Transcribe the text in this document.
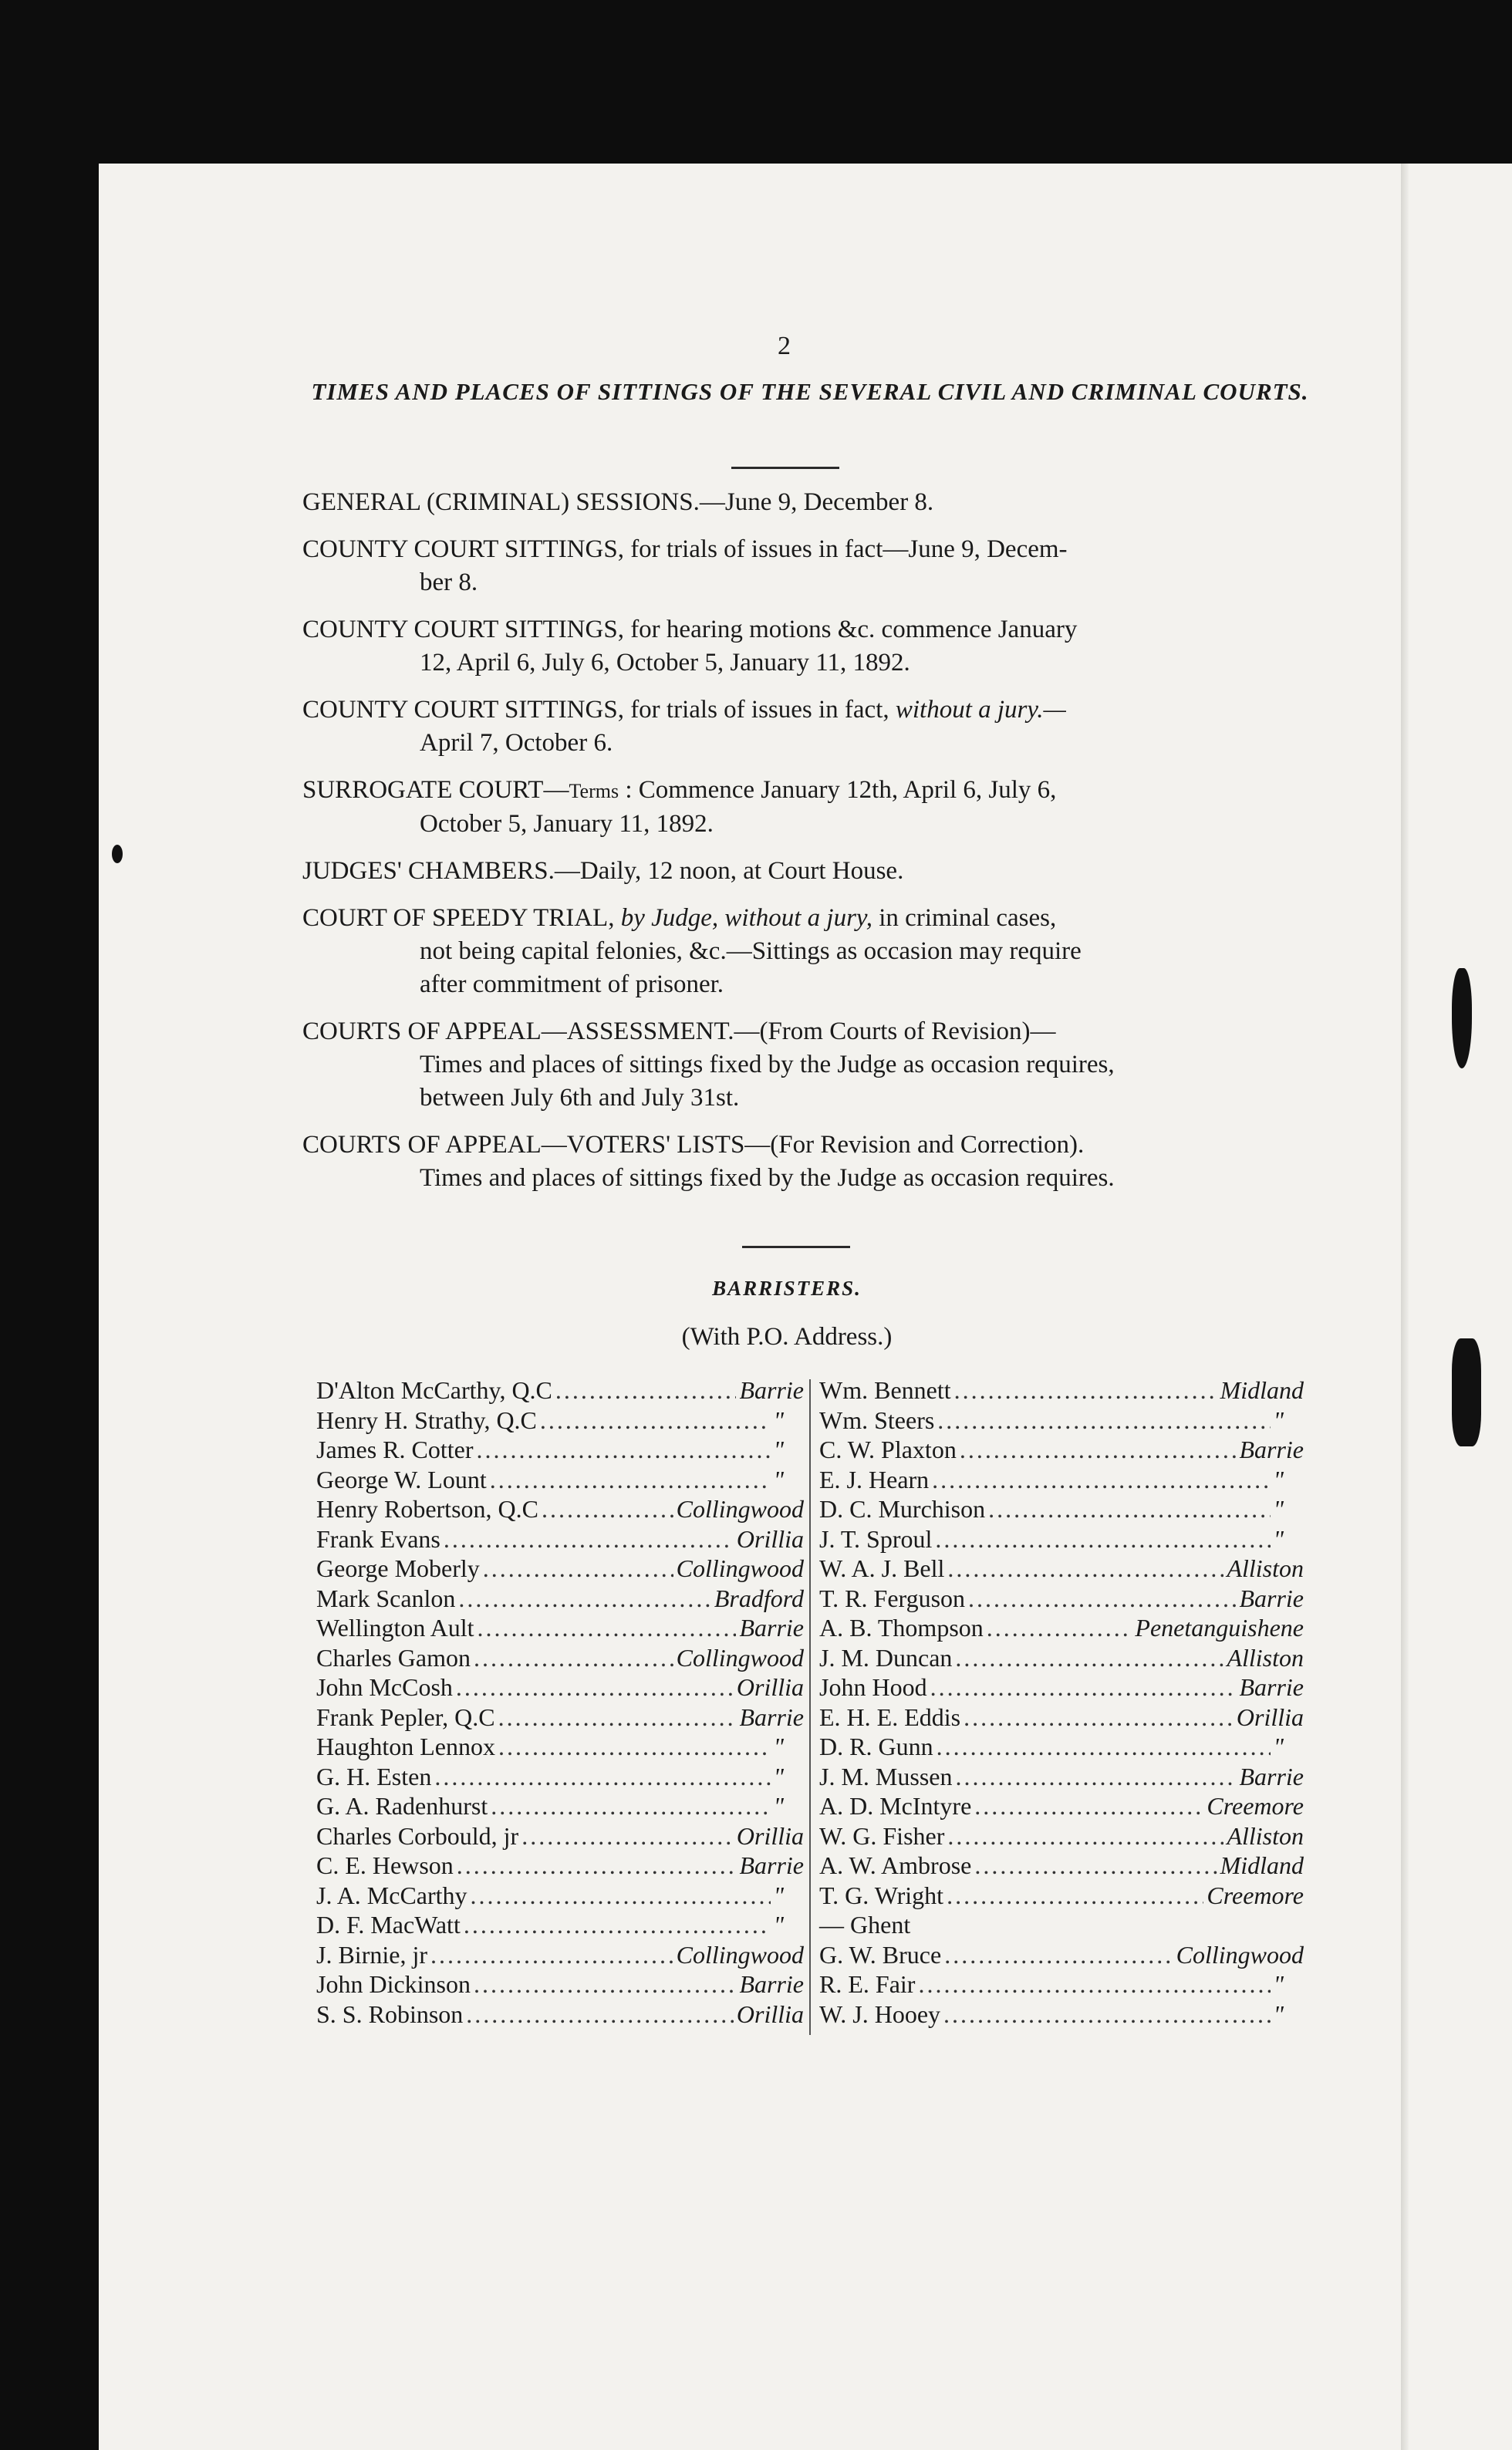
2
TIMES AND PLACES OF SITTINGS OF THE SEVERAL CIVIL AND CRIMINAL COURTS.
GENERAL (CRIMINAL) SESSIONS.—June 9, December 8.
COUNTY COURT SITTINGS, for trials of issues in fact—June 9, Decem-
ber 8.
COUNTY COURT SITTINGS, for hearing motions &c. commence January
12, April 6, July 6, October 5, January 11, 1892.
COUNTY COURT SITTINGS, for trials of issues in fact, without a jury.—
April 7, October 6.
SURROGATE COURT—Terms : Commence January 12th, April 6, July 6,
October 5, January 11, 1892.
JUDGES' CHAMBERS.—Daily, 12 noon, at Court House.
COURT OF SPEEDY TRIAL, by Judge, without a jury, in criminal cases,
not being capital felonies, &c.—Sittings as occasion may require
after commitment of prisoner.
COURTS OF APPEAL—ASSESSMENT.—(From Courts of Revision)—
Times and places of sittings fixed by the Judge as occasion requires,
between July 6th and July 31st.
COURTS OF APPEAL—VOTERS' LISTS—(For Revision and Correction).
Times and places of sittings fixed by the Judge as occasion requires.
BARRISTERS.
(With P.O. Address.)
D'Alton McCarthy, Q.C .....	Barrie
Henry H. Strathy, Q.C .....	"
James R. Cotter .....	"
George W. Lount .....	"
Henry Robertson, Q.C .....	Collingwood
Frank Evans .....	Orillia
George Moberly .....	Collingwood
Mark Scanlon .....	Bradford
Wellington Ault .....	Barrie
Charles Gamon .....	Collingwood
John McCosh .....	Orillia
Frank Pepler, Q.C .....	Barrie
Haughton Lennox .....	"
G. H. Esten .....	"
G. A. Radenhurst .....	"
Charles Corbould, jr .....	Orillia
C. E. Hewson .....	Barrie
J. A. McCarthy .....	"
D. F. MacWatt .....	"
J. Birnie, jr .....	Collingwood
John Dickinson .....	Barrie
S. S. Robinson .....	Orillia
Wm. Bennett .....	Midland
Wm. Steers .....	"
C. W. Plaxton .....	Barrie
E. J. Hearn .....	"
D. C. Murchison .....	"
J. T. Sproul .....	"
W. A. J. Bell .....	Alliston
T. R. Ferguson .....	Barrie
A. B. Thompson .....	Penetanguishene
J. M. Duncan .....	Alliston
John Hood .....	Barrie
E. H. E. Eddis .....	Orillia
D. R. Gunn .....	"
J. M. Mussen .....	Barrie
A. D. McIntyre .....	Creemore
W. G. Fisher .....	Alliston
A. W. Ambrose .....	Midland
T. G. Wright .....	Creemore
— Ghent
G. W. Bruce .....	Collingwood
R. E. Fair .....	"
W. J. Hooey .....	"
